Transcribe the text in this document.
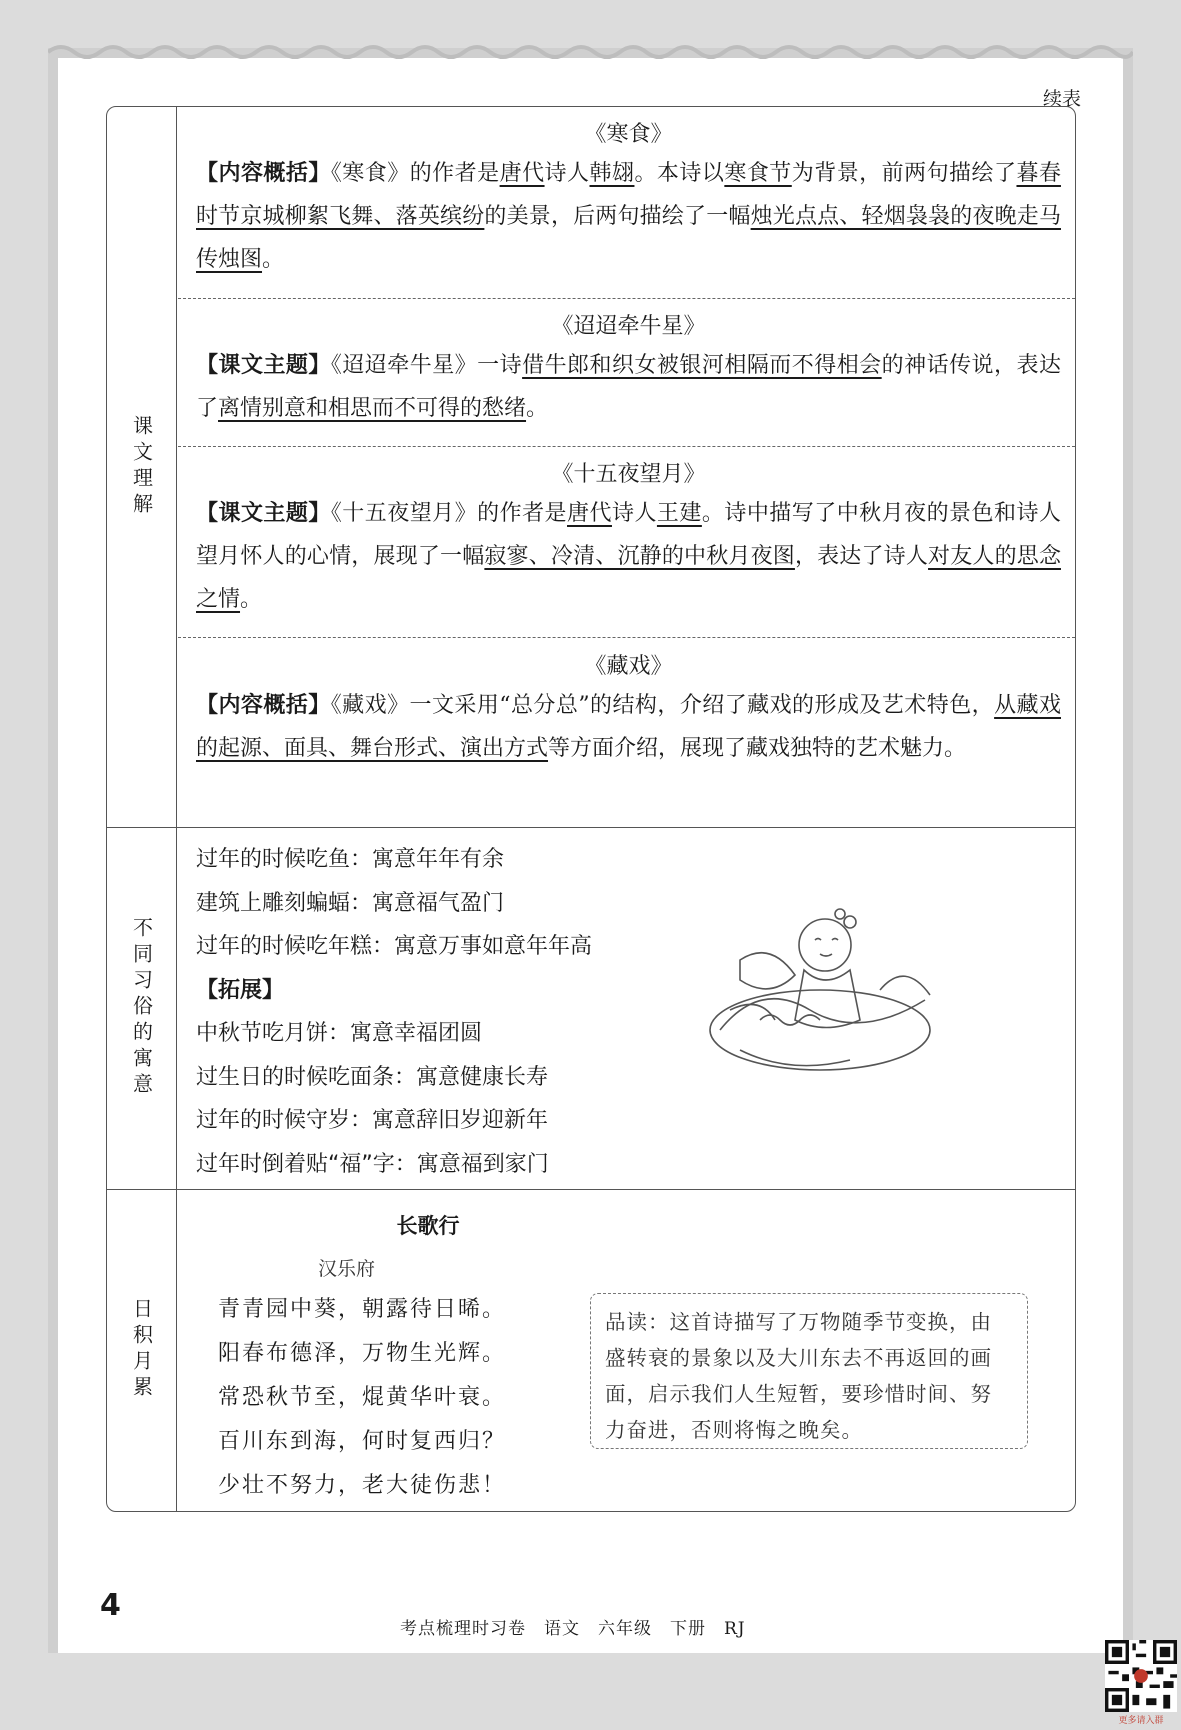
续表
课文理解
不同习俗的寓意
日积月累
《寒食》
【内容概括】《寒食》的作者是唐代诗人韩翃。本诗以寒食节为背景，前两句描绘了暮春时节京城柳絮飞舞、落英缤纷的美景，后两句描绘了一幅烛光点点、轻烟袅袅的夜晚走马传烛图。
《迢迢牵牛星》
【课文主题】《迢迢牵牛星》一诗借牛郎和织女被银河相隔而不得相会的神话传说，表达了离情别意和相思而不可得的愁绪。
《十五夜望月》
【课文主题】《十五夜望月》的作者是唐代诗人王建。诗中描写了中秋月夜的景色和诗人望月怀人的心情，展现了一幅寂寥、冷清、沉静的中秋月夜图，表达了诗人对友人的思念之情。
《藏戏》
【内容概括】《藏戏》一文采用“总分总”的结构，介绍了藏戏的形成及艺术特色，从藏戏的起源、面具、舞台形式、演出方式等方面介绍，展现了藏戏独特的艺术魅力。
过年的时候吃鱼：寓意年年有余
建筑上雕刻蝙蝠：寓意福气盈门
过年的时候吃年糕：寓意万事如意年年高
【拓展】
中秋节吃月饼：寓意幸福团圆
过生日的时候吃面条：寓意健康长寿
过年的时候守岁：寓意辞旧岁迎新年
过年时倒着贴“福”字：寓意福到家门
长歌行
汉乐府
青青园中葵，朝露待日晞。
阳春布德泽，万物生光辉。
常恐秋节至，焜黄华叶衰。
百川东到海，何时复西归？
少壮不努力，老大徒伤悲！
品读：这首诗描写了万物随季节变换，由盛转衰的景象以及大川东去不再返回的画面，启示我们人生短暂，要珍惜时间、努力奋进，否则将悔之晚矣。
4
考点梳理时习卷　语文　六年级　下册　RJ
更多请入群
